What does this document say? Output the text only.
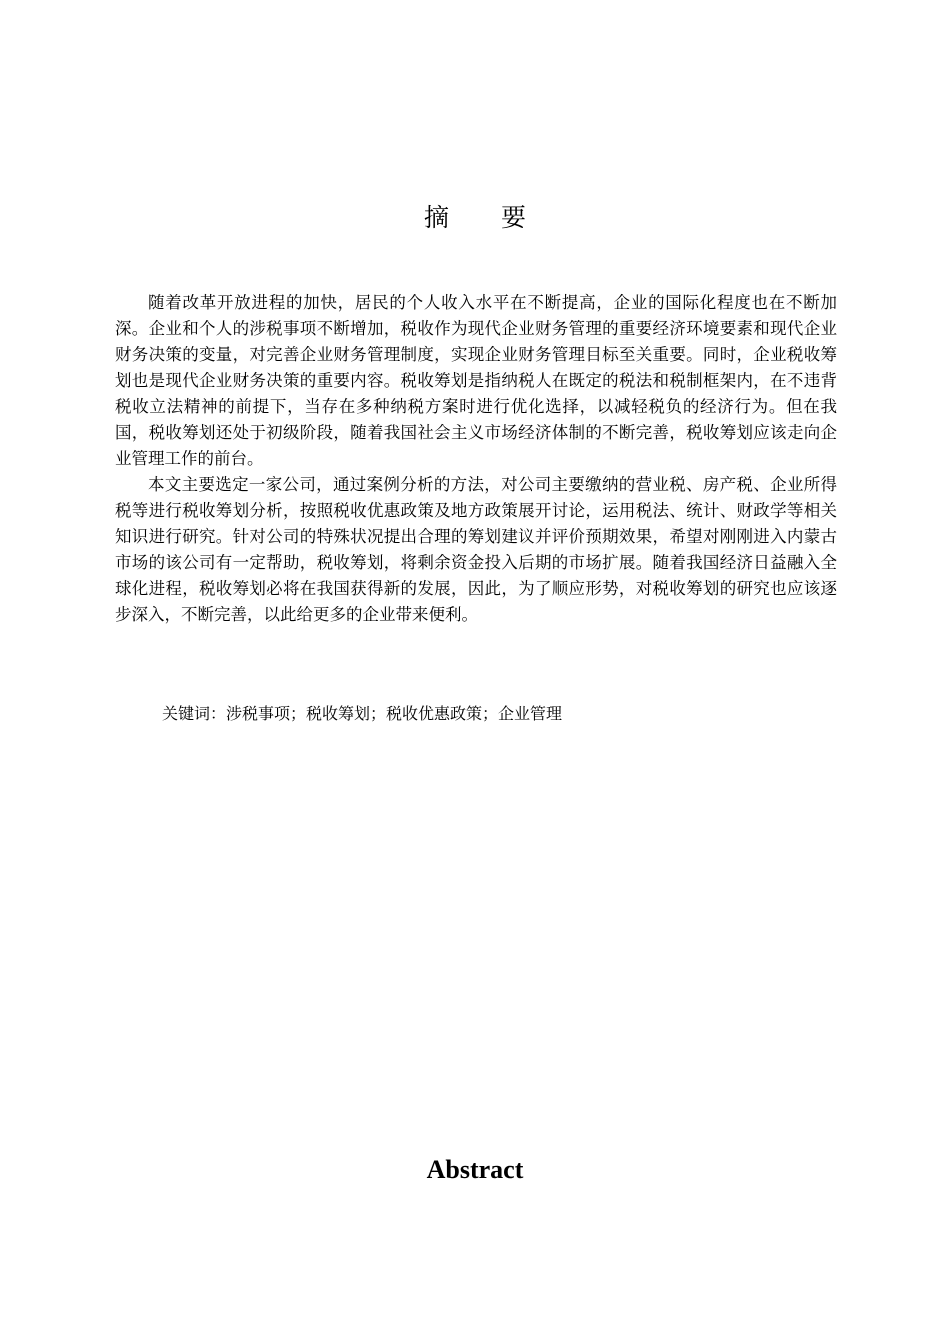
摘 要

随着改革开放进程的加快，居民的个人收入水平在不断提高，企业的国际化程度也在不断加深。企业和个人的涉税事项不断增加，税收作为现代企业财务管理的重要经济环境要素和现代企业财务决策的变量，对完善企业财务管理制度，实现企业财务管理目标至关重要。同时，企业税收筹划也是现代企业财务决策的重要内容。税收筹划是指纳税人在既定的税法和税制框架内，在不违背税收立法精神的前提下，当存在多种纳税方案时进行优化选择，以减轻税负的经济行为。但在我国，税收筹划还处于初级阶段，随着我国社会主义市场经济体制的不断完善，税收筹划应该走向企业管理工作的前台。

本文主要选定一家公司，通过案例分析的方法，对公司主要缴纳的营业税、房产税、企业所得税等进行税收筹划分析，按照税收优惠政策及地方政策展开讨论，运用税法、统计、财政学等相关知识进行研究。针对公司的特殊状况提出合理的筹划建议并评价预期效果，希望对刚刚进入内蒙古市场的该公司有一定帮助，税收筹划，将剩余资金投入后期的市场扩展。随着我国经济日益融入全球化进程，税收筹划必将在我国获得新的发展，因此，为了顺应形势，对税收筹划的研究也应该逐步深入，不断完善，以此给更多的企业带来便利。

关键词：涉税事项；税收筹划；税收优惠政策；企业管理
Abstract
